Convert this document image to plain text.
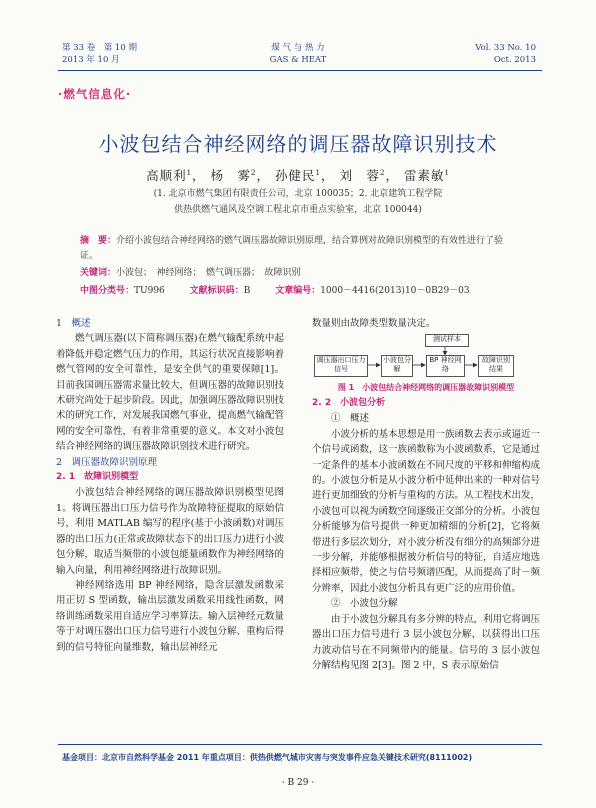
第 33 卷　第 10 期
2013 年 10 月
煤 气 与 热 力
GAS & HEAT
Vol. 33 No. 10
Oct. 2013
·燃气信息化·
小波包结合神经网络的调压器故障识别技术
高顺利$^1$， 杨　雾$^2$， 孙健民$^1$， 刘　蓉$^2$， 雷素敏$^1$
(1. 北京市燃气集团有限责任公司，北京 100035；2. 北京建筑工程学院
供热供燃气通风及空调工程北京市重点实验室，北京 100044)
摘　要：介绍小波包结合神经网络的燃气调压器故障识别原理，结合算例对故障识别模型的有效性进行了验证。
关键词：小波包；　神经网络；　燃气调压器；　故障识别
中图分类号：TU996	文献标识码：B	文章编号：1000－4416(2013)10－0B29－03

1　概述

燃气调压器(以下简称调压器)在燃气输配系统中起着降低并稳定燃气压力的作用，其运行状况直接影响着燃气管网的安全可靠性，是安全供气的重要保障[1]。目前我国调压器需求量比较大，但调压器的故障识别技术研究尚处于起步阶段。因此，加强调压器故障识别技术的研究工作，对发展我国燃气事业，提高燃气输配管网的安全可靠性，有着非常重要的意义。本文对小波包结合神经网络的调压器故障识别技术进行研究。

2　调压器故障识别原理

2. 1　故障识别模型

小波包结合神经网络的调压器故障识别模型见图 1。将调压器出口压力信号作为故障特征提取的原始信号，利用 MATLAB 编写的程序(基于小波函数)对调压器的出口压力(正常或故障状态下的出口压力)进行小波包分解，取适当频带的小波包能量函数作为神经网络的输入向量，利用神经网络进行故障识别。

神经网络选用 BP 神经网络，隐含层激发函数采用正切 S 型函数，输出层激发函数采用线性函数，网络训练函数采用自适应学习率算法。输入层神经元数量等于对调压器出口压力信号进行小波包分解、重构后得到的信号特征向量维数，输出层神经元

数量则由故障类型数量决定。

测试样本
调压器出口压力信号
小波包分解
BP 神经网络
故障识别结果
图 1　小波包结合神经网络的调压器故障识别模型

2. 2　小波包分析

①　概述

小波分析的基本思想是用一族函数去表示或逼近一个信号或函数，这一族函数称为小波函数系，它是通过一定条件的基本小波函数在不同尺度的平移和伸缩构成的。小波包分析是从小波分析中延伸出来的一种对信号进行更加细致的分析与重构的方法。从工程技术出发，小波包可以视为函数空间逐级正交部分的分析。小波包分析能够为信号提供一种更加精细的分析[2]，它将频带进行多层次划分，对小波分析没有细分的高频部分进一步分解，并能够根据被分析信号的特征，自适应地选择相应频带，使之与信号频谱匹配，从而提高了时－频分辨率，因此小波包分析具有更广泛的应用价值。

②　小波包分解

由于小波包分解具有多分辨的特点，利用它将调压器出口压力信号进行 3 层小波包分解，以获得出口压力波动信号在不同频带内的能量。信号的 3 层小波包分解结构见图 2[3]。图 2 中，S 表示原始信

基金项目：北京市自然科学基金 2011 年重点项目：供热供燃气城市灾害与突发事件应急关键技术研究(8111002)
· B 29 ·
